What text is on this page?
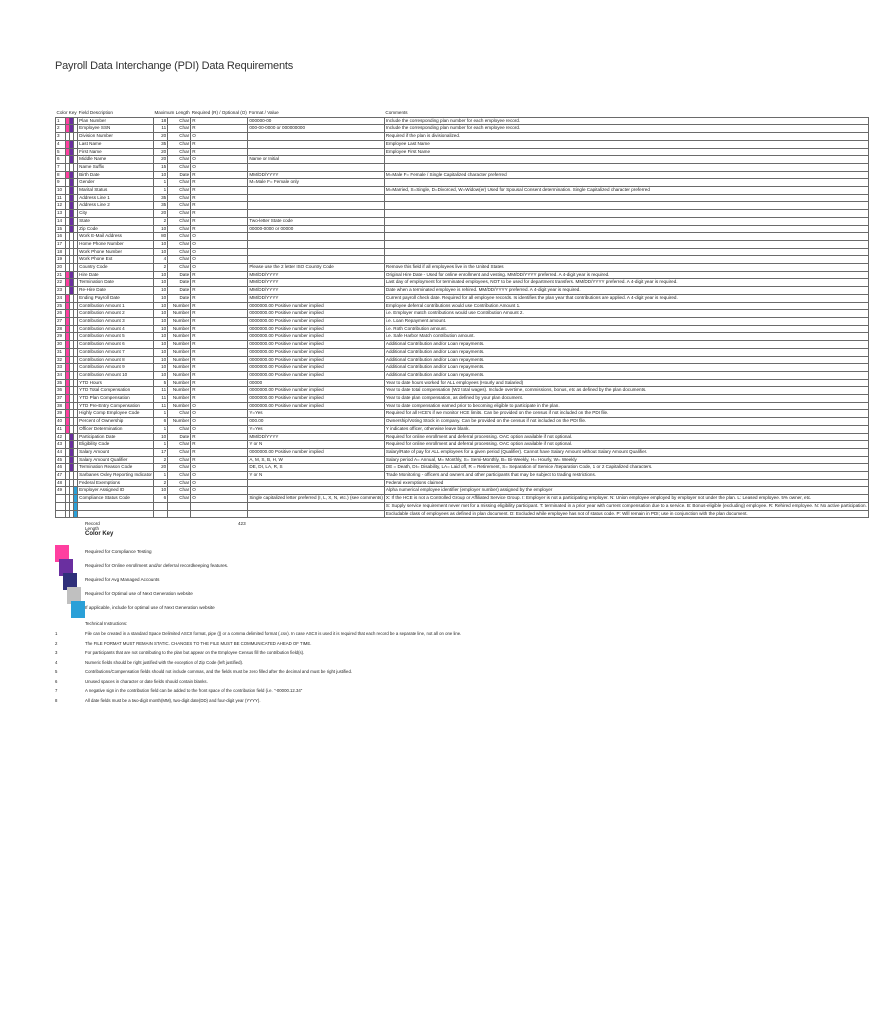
Payroll Data Interchange (PDI) Data Requirements
Color Key				Field Description	Maximum Length		Required (R) / Optional (O)	Format / Value	Comments
1				Plan Number	18	Char	R	000000-00	Include the corresponding plan number for each employee record.
2				Employee SSN	11	Char	R	000-00-0000 or 000000000	Include the corresponding plan number for each employee record.
3				Division Number	20	Char	O		Required if the plan is divisionalized.
4				Last Name	35	Char	R		Employee Last Name
5				First Name	20	Char	R		Employee First Name
6				Middle Name	20	Char	O	Name or Initial	
7				Name Suffix	15	Char	O		
8				Birth Date	10	Date	R	MM/DD/YYYY	M=Male F= Female / Single Capitalized character preferred
9				Gender	1	Char	R	M=Male F= Female only	
10				Marital Status	1	Char	R		M=Married, S=Single, D=Divorced, W=Widow(er) Used for Spousal Consent determination. Single Capitalized character preferred
11				Address Line 1	35	Char	R		
12				Address Line 2	35	Char	R		
13				City	20	Char	R		
14				State	2	Char	R	Two-letter State code	
15				Zip Code	10	Char	R	00000-0000 or 00000	
16				Work E-Mail Address	80	Char	O		
17				Home Phone Number	10	Char	O		
18				Work Phone Number	10	Char	O		
19				Work Phone Ext	4	Char	O		
20				Country Code	2	Char	O	Please use the 2 letter ISO Country Code	Remove this field if all employees live in the United States
21				Hire Date	10	Date	R	MM/DD/YYYY	Original Hire Date - Used for online enrollment and vesting. MM/DD/YYYY preferred. A 4-digit year is required.
22				Termination Date	10	Date	R	MM/DD/YYYY	Last day of employment for terminated employees, NOT to be used for department transfers. MM/DD/YYYY preferred. A 4-digit year is required.
23				Re-Hire Date	10	Date	R	MM/DD/YYYY	Date when a terminated employee is rehired. MM/DD/YYYY preferred. A 4-digit year is required.
24				Ending Payroll Date	10	Date	R	MM/DD/YYYY	Current payroll check date. Required for all employee records. Is identifies the plan year that contributions are applied. A 4-digit year is required.
25				Contribution Amount 1	10	Number	R	0000000.00 Positive number implied	Employee deferral contributions would use Contribution Amount 1.
26				Contribution Amount 2	10	Number	R	0000000.00 Positive number implied	i.e. Employer match contributions would use Contribution Amount 2.
27				Contribution Amount 3	10	Number	R	0000000.00 Positive number implied	i.e. Loan Repayment amount.
28				Contribution Amount 4	10	Number	R	0000000.00 Positive number implied	i.e. Roth Contribution amount.
29				Contribution Amount 5	10	Number	R	0000000.00 Positive number implied	i.e. Safe Harbor Match contribution amount.
30				Contribution Amount 6	10	Number	R	0000000.00 Positive number implied	Additional Contribution and/or Loan repayments.
31				Contribution Amount 7	10	Number	R	0000000.00 Positive number implied	Additional Contribution and/or Loan repayments.
32				Contribution Amount 8	10	Number	R	0000000.00 Positive number implied	Additional Contribution and/or Loan repayments.
33				Contribution Amount 9	10	Number	R	0000000.00 Positive number implied	Additional Contribution and/or Loan repayments.
34				Contribution Amount 10	10	Number	R	0000000.00 Positive number implied	Additional Contribution and/or Loan repayments.
35				YTD Hours	5	Number	R	00000	Year to date hours worked for ALL employees (Hourly and Salaried)
36				YTD Total Compensation	11	Number	R	0000000.00 Positive number implied	Year to date total compensation (W2 total wages). Include overtime, commissions, bonus, etc as defined by the plan documents.
37				YTD Plan Compensation	11	Number	R	0000000.00 Positive number implied	Year to date plan compensation, as defined by your plan document.
38				YTD Pre-Entry Compensation	11	Number	O	0000000.00 Positive number implied	Year to date compensation earned prior to becoming eligible to participate in the plan.
39				Highly Comp Employee Code	1	Char	O	Y=Yes	Required for all HCE's if we monitor HCE limits. Can be provided on the census if not included on the PDI file.
40				Percent of Ownership	6	Number	O	000.00	Ownership/Voting Stock in company. Can be provided on the census if not included on the PDI file.
41				Officer Determination	1	Char	O	Y=Yes	Y indicates officer, otherwise leave blank.
42				Participation Date	10	Date	R	MM/DD/YYYY	Required for online enrollment and deferral processing. OAC option available if not optional.
43				Eligibility Code	1	Char	R	Y or N	Required for online enrollment and deferral processing. OAC option available if not optional.
44				Salary Amount	17	Char	R	0000000.00 Positive number implied	Salary/Rate of pay for ALL employees for a given period (Qualifier). Cannot have Salary Amount without Salary Amount Qualifier.
45				Salary Amount Qualifier	2	Char	R	A, M, S, B, H, W	Salary period A= Annual, M= Monthly, S= Semi-Monthly, B= Bi-Weekly, H= Hourly, W= Weekly
46				Termination Reason Code	20	Char	O	DE, DI, LA, R, S	DE = Death, DI= Disability, LA= Laid off, R = Retirement, S= Separation of Service /Separation Code, 1 or 2 Capitalized characters.
47				Sarbanes Oxley Reporting Indicator	1	Char	O	Y or N	Trade Monitoring - officers and owners and other participants that may be subject to trading restrictions.
48				Federal Exemptions	2	Char	O		Federal exemptions claimed
49				Employer Assigned ID	10	Char	O		Alpha numerical employee identifier (employer number) assigned by the employer
				Compliance Status Code	6	Char	O	Single capitalized letter preferred (I, L, X, N, etc.) (see comments)	X: If the HCE is not a Controlled Group or Affiliated Service Group. I: Employer is not a participating employer. N: Union employee employed by employer not under the plan. L: Leased employee. 5% owner, etc.
									S: Supply service requirement never met for a missing eligibility participant. T: terminated in a prior year with current compensation due to a service. B: Bonus-eligible (excluding) employee. R: Rehired employee. N: No active participation.
									Excludable class of employees as defined in plan document. D: Excluded while employee has not of status code. P: Will remain in PDI; use in conjunction with the plan document.
Record Length
423
Color Key
Required for Compliance Testing
Required for Online enrollment and/or deferral recordkeeping features.
Required for Avg Managed Accounts
Required for Optimal use of Next Generation website
If applicable, include for optimal use of Next Generation website
Technical Instructions:
1	File can be created in a standard Space Delimited ASCII format, pipe (|) or a comma delimited format (.csv). In case ASCII is used it is required that each record be a separate line, not all on one line.
2	The FILE FORMAT MUST REMAIN STATIC. CHANGES TO THE FILE MUST BE COMMUNICATED AHEAD OF TIME.
3	For participants that are not contributing to the plan but appear on the Employee Census fill the contribution field(s).
4	Numeric fields should be right justified with the exception of Zip Code (left justified).
5	Contributions/Compensation fields should not include commas, and the fields must be zero filled after the decimal and must be right justified.
6	Unused spaces in character or date fields should contain blanks.
7	A negative sign in the contribution field can be added to the front space of the contribution field (i.e. "-00000.12.34"
8	All date fields must be a two-digit month(MM), two-digit date(DD) and four-digit year (YYYY).
